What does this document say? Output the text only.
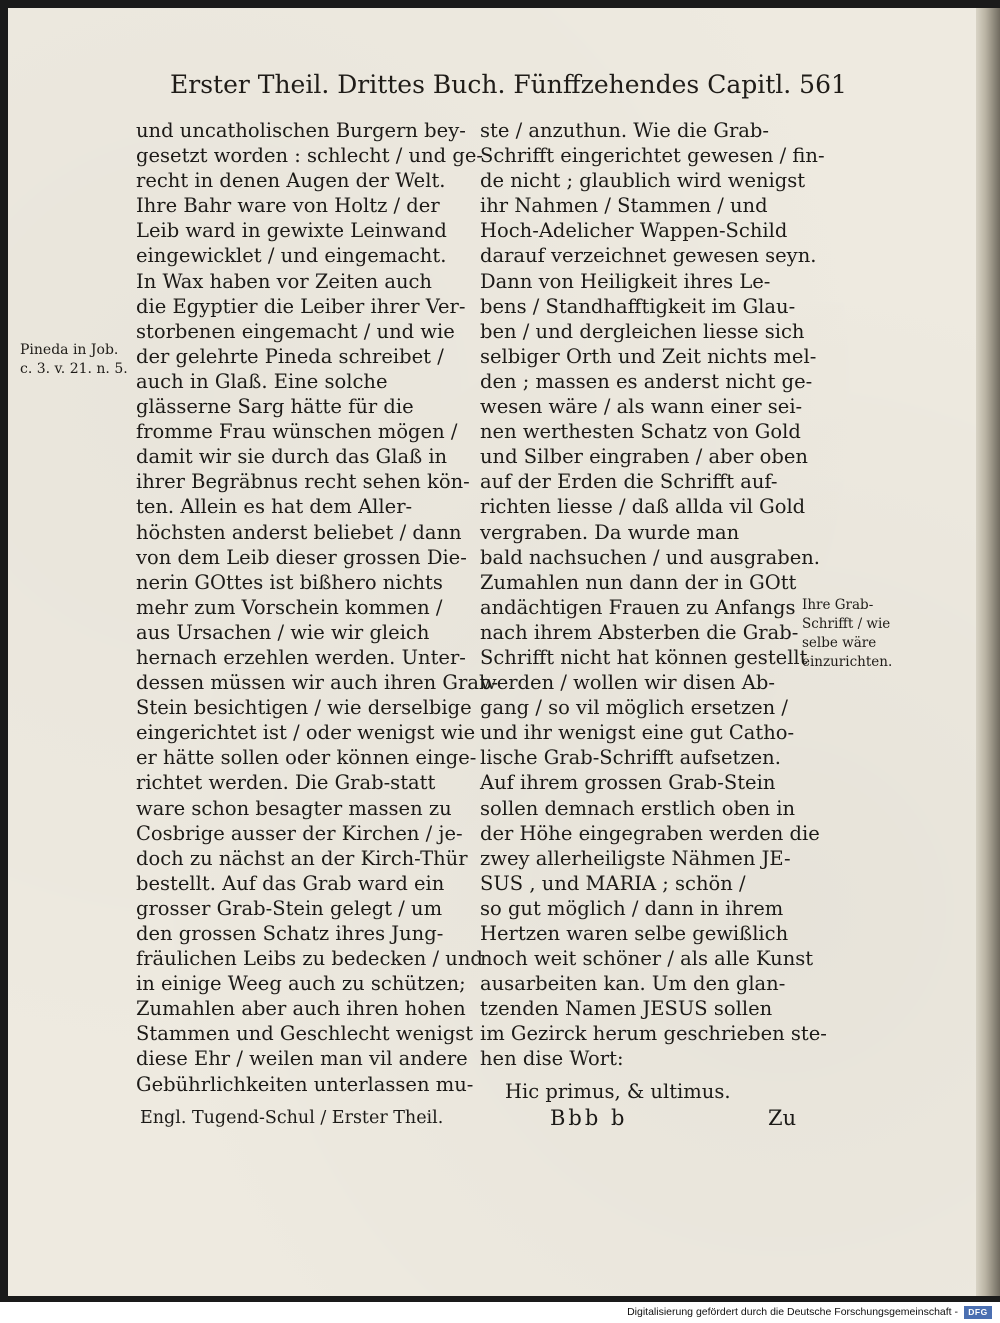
Erster Theil. Drittes Buch. Fünffzehendes Capitl. 561
und uncatholischen Burgern bey-
gesetzt worden : schlecht / und ge-
recht in denen Augen der Welt.
Ihre Bahr ware von Holtz / der
Leib ward in gewixte Leinwand
eingewicklet / und eingemacht.
In Wax haben vor Zeiten auch
die Egyptier die Leiber ihrer Ver-
storbenen eingemacht / und wie
der gelehrte Pineda schreibet /
auch in Glaß. Eine solche
glässerne Sarg hätte für die
fromme Frau wünschen mögen /
damit wir sie durch das Glaß in
ihrer Begräbnus recht sehen kön-
ten. Allein es hat dem Aller-
höchsten anderst beliebet / dann
von dem Leib dieser grossen Die-
nerin GOttes ist bißhero nichts
mehr zum Vorschein kommen /
aus Ursachen / wie wir gleich
hernach erzehlen werden. Unter-
dessen müssen wir auch ihren Grab-
Stein besichtigen / wie derselbige
eingerichtet ist / oder wenigst wie
er hätte sollen oder können einge-
richtet werden. Die Grab-statt
ware schon besagter massen zu
Cosbrige ausser der Kirchen / je-
doch zu nächst an der Kirch-Thür
bestellt. Auf das Grab ward ein
grosser Grab-Stein gelegt / um
den grossen Schatz ihres Jung-
fräulichen Leibs zu bedecken / und
in einige Weeg auch zu schützen;
Zumahlen aber auch ihren hohen
Stammen und Geschlecht wenigst
diese Ehr / weilen man vil andere
Gebührlichkeiten unterlassen mu-
ste / anzuthun. Wie die Grab-
Schrifft eingerichtet gewesen / fin-
de nicht ; glaublich wird wenigst
ihr Nahmen / Stammen / und
Hoch-Adelicher Wappen-Schild
darauf verzeichnet gewesen seyn.
Dann von Heiligkeit ihres Le-
bens / Standhafftigkeit im Glau-
ben / und dergleichen liesse sich
selbiger Orth und Zeit nichts mel-
den ; massen es anderst nicht ge-
wesen wäre / als wann einer sei-
nen werthesten Schatz von Gold
und Silber eingraben / aber oben
auf der Erden die Schrifft auf-
richten liesse / daß allda vil Gold
vergraben. Da wurde man
bald nachsuchen / und ausgraben.
Zumahlen nun dann der in GOtt
andächtigen Frauen zu Anfangs
nach ihrem Absterben die Grab-
Schrifft nicht hat können gestellt
werden / wollen wir disen Ab-
gang / so vil möglich ersetzen /
und ihr wenigst eine gut Catho-
lische Grab-Schrifft aufsetzen.
Auf ihrem grossen Grab-Stein
sollen demnach erstlich oben in
der Höhe eingegraben werden die
zwey allerheiligste Nähmen JE-
SUS , und MARIA ; schön /
so gut möglich / dann in ihrem
Hertzen waren selbe gewißlich
noch weit schöner / als alle Kunst
ausarbeiten kan. Um den glan-
tzenden Namen JESUS sollen
im Gezirck herum geschrieben ste-
hen dise Wort:
Pineda in Job.
c. 3. v. 21. n. 5.
Ihre Grab-
Schrifft / wie
selbe wäre
einzurichten.
Hic primus, & ultimus.
Engl. Tugend-Schul / Erster Theil.	Bbb b	Zu
Digitalisierung gefördert durch die Deutsche Forschungsgemeinschaft -	DFG
